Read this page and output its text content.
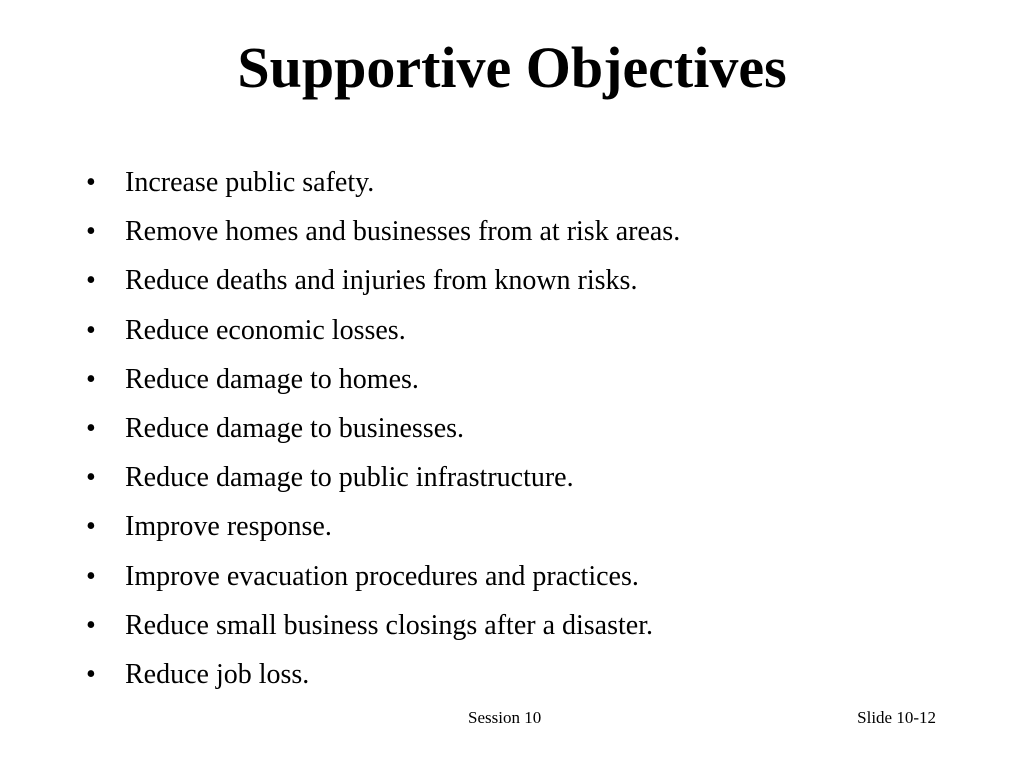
Supportive Objectives
•	Increase public safety.
•	Remove homes and businesses from at risk areas.
•	Reduce deaths and injuries from known risks.
•	Reduce economic losses.
•	Reduce damage to homes.
•	Reduce damage to businesses.
•	Reduce damage to public infrastructure.
•	Improve response.
•	Improve evacuation procedures and practices.
•	Reduce small business closings after a disaster.
•	Reduce job loss.
Session 10	Slide 10-12
